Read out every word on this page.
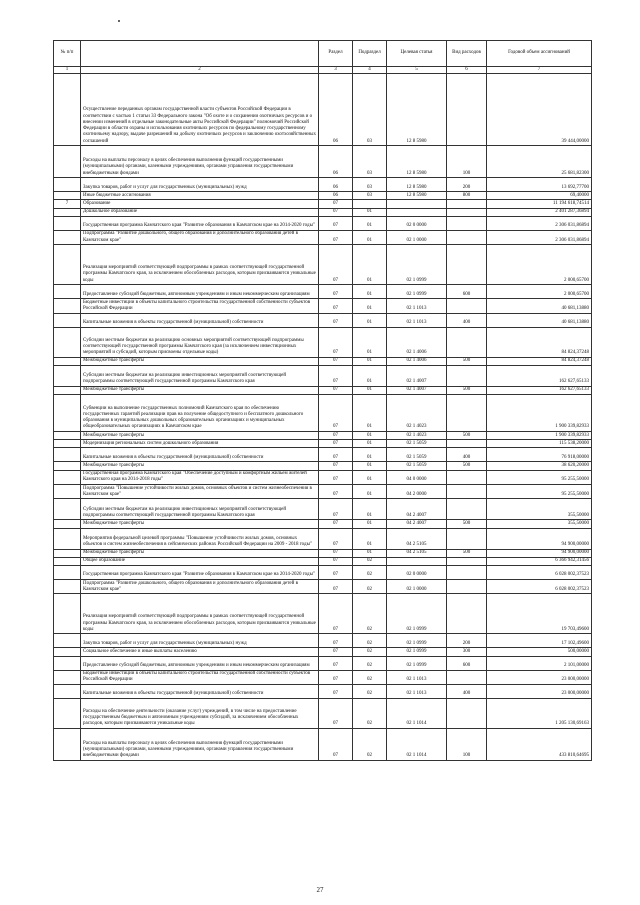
№ п/п		Раздел	Подраздел	Целевая статья	Вид расходов	Годовой объем ассигнований
1	2	3	4	5	6	7
	Осуществление переданных органам государственной власти субъектов Российской Федерации в соответствии с частью 1 статьи 33 Федерального закона "Об охоте и о сохранении охотничьих ресурсов и о внесении изменений в отдельные законодательные акты Российской Федерации" полномочий Российской Федерации в области охраны и использования охотничьих ресурсов по федеральному государственному охотничьему надзору, выдаче разрешений на добычу охотничьих ресурсов и заключению охотхозяйственных соглашений	06	03	12 8 5980		39 444,00000
	Расходы на выплаты персоналу в целях обеспечения выполнения функций государственными (муниципальными) органами, казенными учреждениями, органами управления государственными внебюджетными фондами	06	03	12 8 5980	100	25 681,82300
	Закупка товаров, работ и услуг для государственных (муниципальных) нужд	06	03	12 8 5980	200	13 692,77700
	Иные бюджетные ассигнования	06	03	12 8 5980	800	69,40000
7	Образование	07				11 194 618,74514
	Дошкольное образование	07	01			2 401 287,36894
	Государственная программа Камчатского края "Развитие образования в Камчатском крае на 2014-2020 годы"	07	01	02 0 0000		2 306 031,86894
	Подпрограмма "Развитие дошкольного, общего образования и дополнительного образования детей в Камчатском крае"	07	01	02 1 0000		2 306 031,86894
	Реализация мероприятий соответствующей подпрограммы в рамках соответствующей государственной программы Камчатского края, за исключением обособленных расходов, которым присваиваются уникальные коды	07	01	02 1 0999		2 000,65700
	Предоставление субсидий бюджетным, автономным учреждениям и иным некоммерческим организациям	07	01	02 1 0999	600	2 000,65700
	Бюджетные инвестиции в объекты капитального строительства государственной собственности субъектов Российской Федерации	07	01	02 1 1013		40 681,13880
	Капитальные вложения в объекты государственной (муниципальной) собственности	07	01	02 1 1013	400	40 681,13880
	Субсидии местным бюджетам на реализацию основных мероприятий соответствующей подпрограммы соответствующей государственной программы Камчатского края (за исключением инвестиционных мероприятий и субсидий, которым присвоены отдельные коды)	07	01	02 1 4006		84 824,37248
	Межбюджетные трансферты	07	01	02 1 4006	500	84 824,37248
	Субсидии местным бюджетам на реализацию инвестиционных мероприятий соответствующей подпрограммы соответствующей государственной программы Камчатского края	07	01	02 1 4007		162 627,65133
	Межбюджетные трансферты	07	01	02 1 4007	500	162 627,65133
	Субвенции на выполнение государственных полномочий Камчатского края по обеспечению государственных гарантий реализации прав на получение общедоступного и бесплатного дошкольного образования в муниципальных дошкольных образовательных организациях и муниципальных общеобразовательных организациях в Камчатском крае	07	01	02 1 4023		1 900 339,82933
	Межбюджетные трансферты	07	01	02 1 4023	500	1 900 339,82933
	Модернизация региональных систем дошкольного образования	07	01	02 1 5059		115 538,20000
	Капитальные вложения в объекты государственной (муниципальной) собственности	07	01	02 1 5059	400	76 918,00000
	Межбюджетные трансферты	07	01	02 1 5059	500	38 620,20000
	Государственная программа Камчатского края "Обеспечение доступным и комфортным жильем жителей Камчатского края на 2014-2018 годы"	07	01	04 0 0000		95 255,50000
	Подпрограмма "Повышение устойчивости жилых домов, основных объектов и систем жизнеобеспечения в Камчатском крае"	07	01	04 2 0000		95 255,50000
	Субсидии местным бюджетам на реализацию инвестиционных мероприятий соответствующей подпрограммы соответствующей государственной программы Камчатского края	07	01	04 2 4007		355,50000
	Межбюджетные трансферты	07	01	04 2 4007	500	355,50000
	Мероприятия федеральной целевой программы "Повышение устойчивости жилых домов, основных объектов и систем жизнеобеспечения в сейсмических районах Российской Федерации на 2009 - 2018 годы"	07	01	04 2 5105		94 900,00000
	Межбюджетные трансферты	07	01	04 2 5105	500	94 900,00000
	Общее образование	07	02			6 366 942,31456
	Государственная программа Камчатского края "Развитие образования в Камчатском крае на 2014-2020 годы"	07	02	02 0 0000		6 028 002,37523
	Подпрограмма "Развитие дошкольного, общего образования и дополнительного образования детей в Камчатском крае"	07	02	02 1 0000		6 028 002,37523
	Реализация мероприятий соответствующей подпрограммы в рамках соответствующей государственной программы Камчатского края, за исключением обособленных расходов, которым присваиваются уникальные коды	07	02	02 1 0999		19 703,49600
	Закупка товаров, работ и услуг для государственных (муниципальных) нужд	07	02	02 1 0999	200	17 102,49600
	Социальное обеспечение и иные выплаты населению	07	02	02 1 0999	300	500,00000
	Предоставление субсидий бюджетным, автономным учреждениям и иным некоммерческим организациям	07	02	02 1 0999	600	2 101,00000
	Бюджетные инвестиции в объекты капитального строительства государственной собственности субъектов Российской Федерации	07	02	02 1 1013		23 000,00000
	Капитальные вложения в объекты государственной (муниципальной) собственности	07	02	02 1 1013	400	23 000,00000
	Расходы на обеспечение деятельности (оказание услуг) учреждений, в том числе на предоставление государственным бюджетным и автономным учреждениям субсидий, за исключением обособленных расходов, которым присваиваются уникальные коды	07	02	02 1 1014		1 205 130,69163
	Расходы на выплаты персоналу в целях обеспечения выполнения функций государственными (муниципальными) органами, казенными учреждениями, органами управления государственными внебюджетными фондами	07	02	02 1 1014	100	433 810,64695
27
